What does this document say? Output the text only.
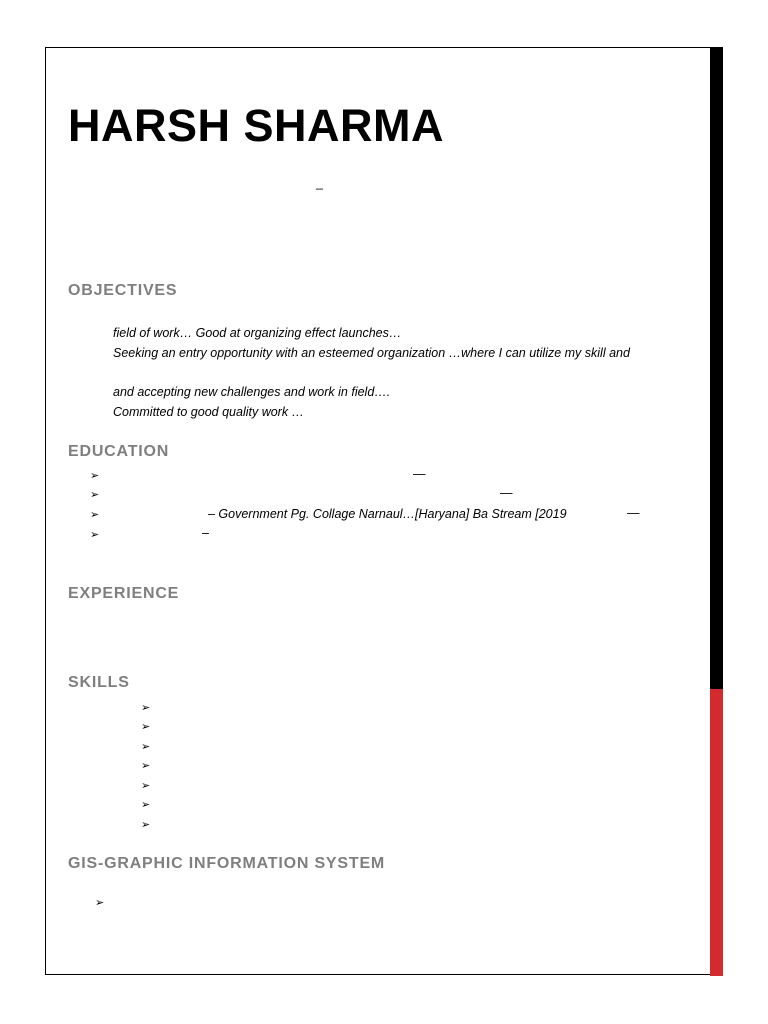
HARSH SHARMA
_
OBJECTIVES
field of work… Good at organizing effect launches…
Seeking an entry opportunity with an esteemed organization …where I can utilize my skill and
and accepting new challenges and work in field….
Committed to good quality work …
EDUCATION
➢	—
➢	—
➢	– Government Pg. Collage Narnaul…[Haryana] Ba Stream [2019	—
➢	–
EXPERIENCE
SKILLS
➢
➢
➢
➢
➢
➢
➢
GIS-GRAPHIC INFORMATION SYSTEM
➢
